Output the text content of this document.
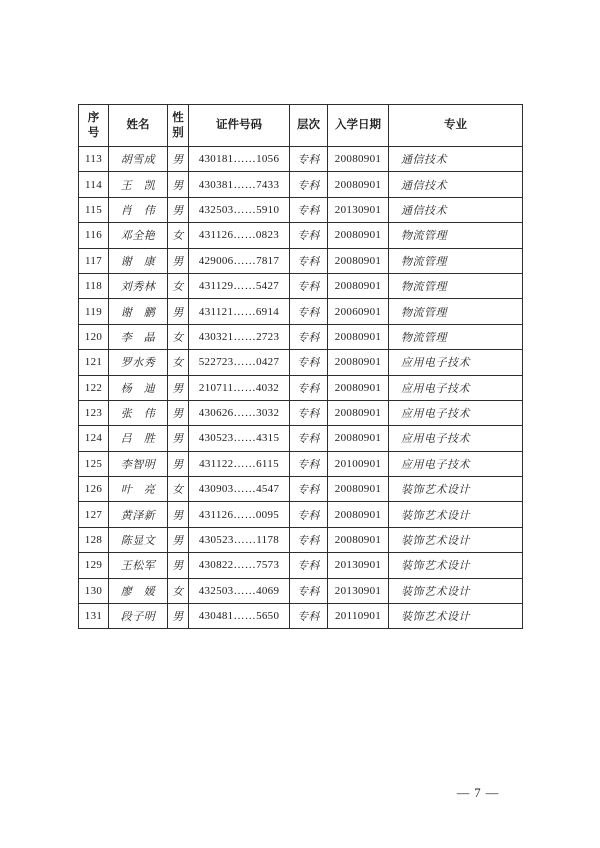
序号	姓名	性别	证件号码	层次	入学日期	专业
113	胡雪成	男	430181……1056	专科	20080901	通信技术
114	王　凯	男	430381……7433	专科	20080901	通信技术
115	肖　伟	男	432503……5910	专科	20130901	通信技术
116	邓全艳	女	431126……0823	专科	20080901	物流管理
117	谢　康	男	429006……7817	专科	20080901	物流管理
118	刘秀林	女	431129……5427	专科	20080901	物流管理
119	谢　鹏	男	431121……6914	专科	20060901	物流管理
120	李　晶	女	430321……2723	专科	20080901	物流管理
121	罗水秀	女	522723……0427	专科	20080901	应用电子技术
122	杨　迪	男	210711……4032	专科	20080901	应用电子技术
123	张　伟	男	430626……3032	专科	20080901	应用电子技术
124	吕　胜	男	430523……4315	专科	20080901	应用电子技术
125	李智明	男	431122……6115	专科	20100901	应用电子技术
126	叶　亮	女	430903……4547	专科	20080901	装饰艺术设计
127	黄泽新	男	431126……0095	专科	20080901	装饰艺术设计
128	陈显文	男	430523……1178	专科	20080901	装饰艺术设计
129	王松军	男	430822……7573	专科	20130901	装饰艺术设计
130	廖　媛	女	432503……4069	专科	20130901	装饰艺术设计
131	段子明	男	430481……5650	专科	20110901	装饰艺术设计
— 7 —
